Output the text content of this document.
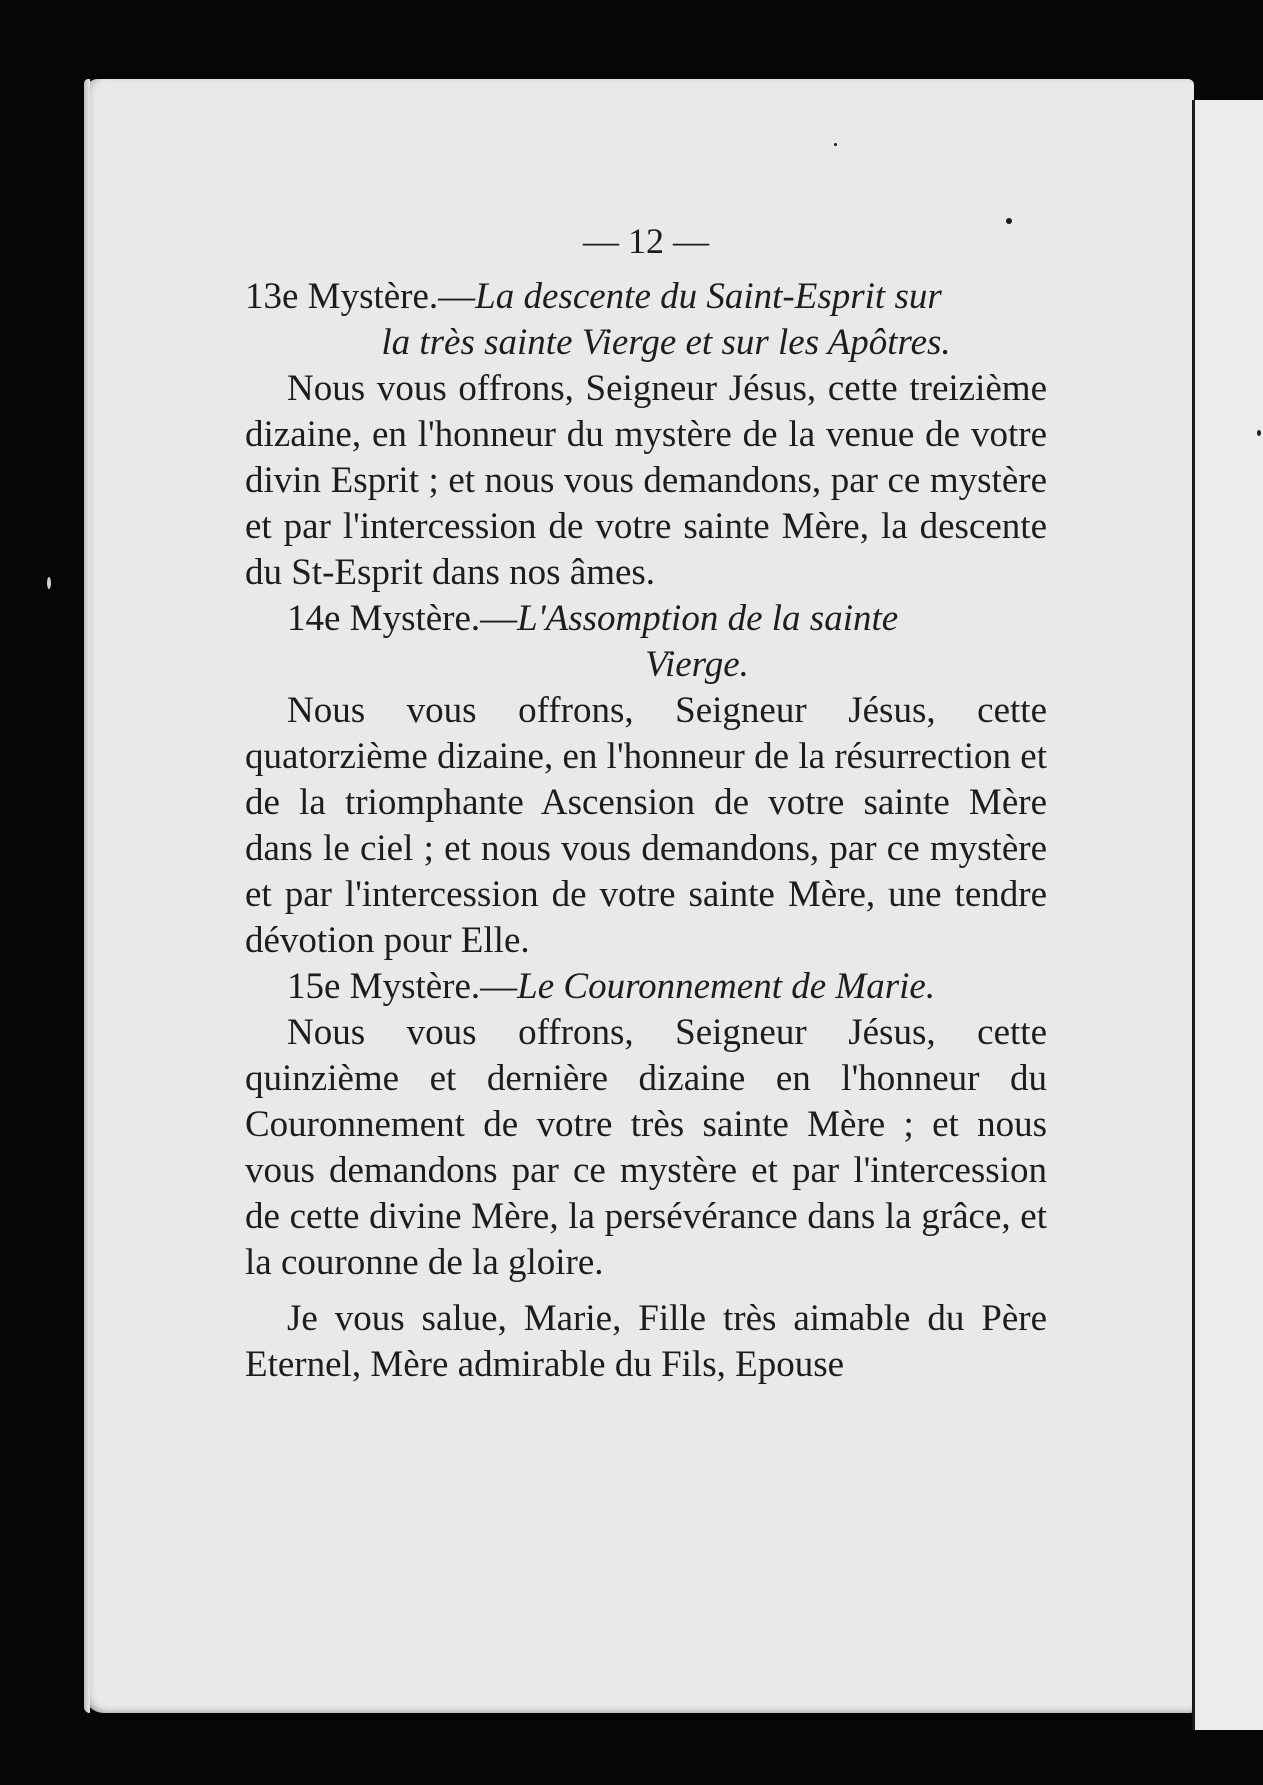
— 12 —

13e Mystère.—La descente du Saint-Esprit sur
la très sainte Vierge et sur les Apôtres.

Nous vous offrons, Seigneur Jésus, cette treizième dizaine, en l'honneur du mystère de la venue de votre divin Esprit ; et nous vous demandons, par ce mystère et par l'intercession de votre sainte Mère, la descente du St-Esprit dans nos âmes.

14e Mystère.—L'Assomption de la sainte
Vierge.

Nous vous offrons, Seigneur Jésus, cette quatorzième dizaine, en l'honneur de la résurrection et de la triomphante Ascension de votre sainte Mère dans le ciel ; et nous vous demandons, par ce mystère et par l'intercession de votre sainte Mère, une tendre dévotion pour Elle.

15e Mystère.—Le Couronnement de Marie.

Nous vous offrons, Seigneur Jésus, cette quinzième et dernière dizaine en l'honneur du Couronnement de votre très sainte Mère ; et nous vous demandons par ce mystère et par l'intercession de cette divine Mère, la persévérance dans la grâce, et la couronne de la gloire.

Je vous salue, Marie, Fille très aimable du Père Eternel, Mère admirable du Fils, Epouse
